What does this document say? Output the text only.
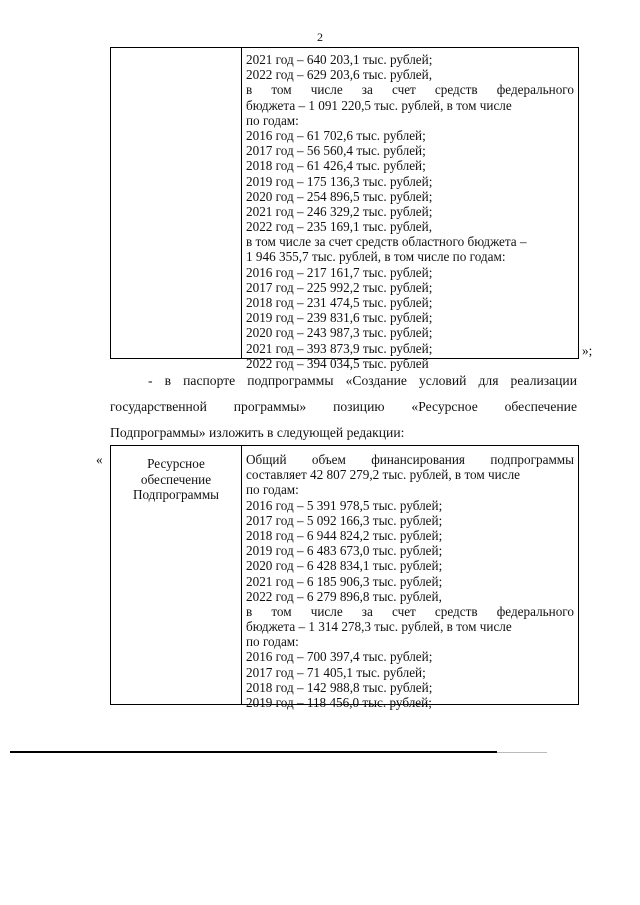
2
2021 год – 640 203,1 тыс. рублей;
2022 год – 629 203,6 тыс. рублей,
в том числе за счет средств федерального
бюджета – 1 091 220,5 тыс. рублей, в том числе
по годам:
2016 год – 61 702,6 тыс. рублей;
2017 год – 56 560,4 тыс. рублей;
2018 год – 61 426,4 тыс. рублей;
2019 год – 175 136,3 тыс. рублей;
2020 год – 254 896,5 тыс. рублей;
2021 год – 246 329,2 тыс. рублей;
2022 год – 235 169,1 тыс. рублей,
в том числе за счет средств областного бюджета –
1 946 355,7 тыс. рублей, в том числе по годам:
2016 год – 217 161,7 тыс. рублей;
2017 год – 225 992,2 тыс. рублей;
2018 год – 231 474,5 тыс. рублей;
2019 год – 239 831,6 тыс. рублей;
2020 год – 243 987,3 тыс. рублей;
2021 год – 393 873,9 тыс. рублей;
2022 год – 394 034,5 тыс. рублей
»;
- в паспорте подпрограммы «Создание условий для реализации
государственной программы» позицию «Ресурсное обеспечение
Подпрограммы» изложить в следующей редакции:
«	Ресурсное
обеспечение
Подпрограммы
Общий объем финансирования подпрограммы
составляет 42 807 279,2 тыс. рублей, в том числе
по годам:
2016 год – 5 391 978,5 тыс. рублей;
2017 год – 5 092 166,3 тыс. рублей;
2018 год – 6 944 824,2 тыс. рублей;
2019 год – 6 483 673,0 тыс. рублей;
2020 год – 6 428 834,1 тыс. рублей;
2021 год – 6 185 906,3 тыс. рублей;
2022 год – 6 279 896,8 тыс. рублей,
в том числе за счет средств федерального
бюджета – 1 314 278,3 тыс. рублей, в том числе
по годам:
2016 год – 700 397,4 тыс. рублей;
2017 год – 71 405,1 тыс. рублей;
2018 год – 142 988,8 тыс. рублей;
2019 год – 118 456,0 тыс. рублей;
